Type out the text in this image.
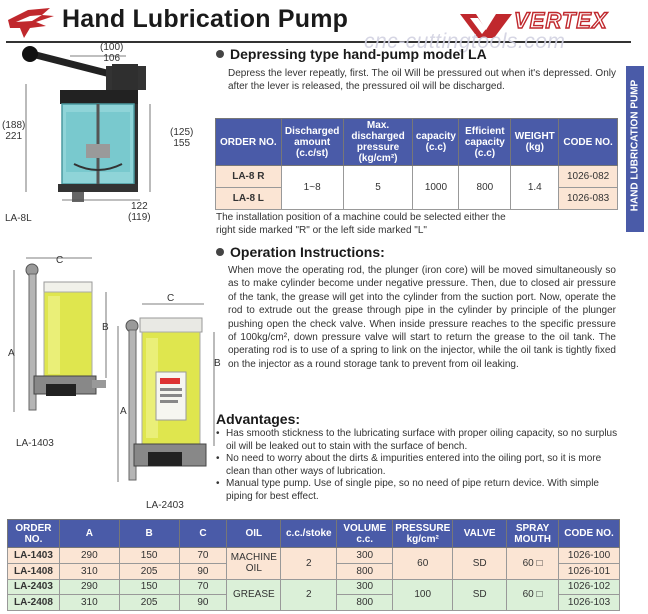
Hand Lubrication Pump	VERTEX
cnc-cuttingtools.com
HAND LUBRICATION PUMP
(100)
106
(188)
221	(125)
155
122
(119)
LA-8L
Depressing type hand-pump model LA
Depress the lever repeatly, first. The oil Will be pressured out when it's depressed. Only after the lever is released, the pressured oil will be discharged.
ORDER NO.	Discharged amount (c.c/st)	Max. discharged pressure (kg/cm²)	capacity (c.c)	Efficient capacity (c.c)	WEIGHT (kg)	CODE NO.
LA-8 R	1~8	5	1000	800	1.4	1026-082
LA-8 L						1026-083
The installation position of a machine could be selected either the right side marked "R" or the left side marked "L"
Operation Instructions:
When move the operating rod, the plunger (iron core) will be moved simultaneously so as to make cylinder become under negative pressure. Then, due to closed air pressure of the tank, the grease will get into the cylinder from the suction port. Now, operate the rod to extrude out the grease through pipe in the cylinder by principle of the plunger pushing open the check valve. When inside pressure reaches to the specific pressure of 100kg/cm², down pressure valve will start to return the grease to the oil tank. The operating rod is to use of a spring to link on the injector, while the oil tank is tightly fixed on the injector as a round storage tank to prevent from oil leaking.
C
A
B
LA-1403
C
A
B
LA-2403
Advantages:
• Has smooth stickness to the lubricating surface with proper oiling capacity, so no surplus oil will be leaked out to stain with the surface of bench.
• No need to worry about the dirts & impurities entered into the oiling port, so it is more clean than other ways of lubrication.
• Manual type pump. Use of single pipe, so no need of pipe return device. With simple piping for best effect.
ORDER NO.	A	B	C	OIL	c.c./stoke	VOLUME c.c.	PRESSURE kg/cm²	VALVE	SPRAY MOUTH	CODE NO.
LA-1403	290	150	70	MACHINE OIL	2	300	60	SD	60 □	1026-100
LA-1408	310	205	90			800				1026-101
LA-2403	290	150	70	GREASE	2	300	100	SD	60 □	1026-102
LA-2408	310	205	90			800				1026-103
